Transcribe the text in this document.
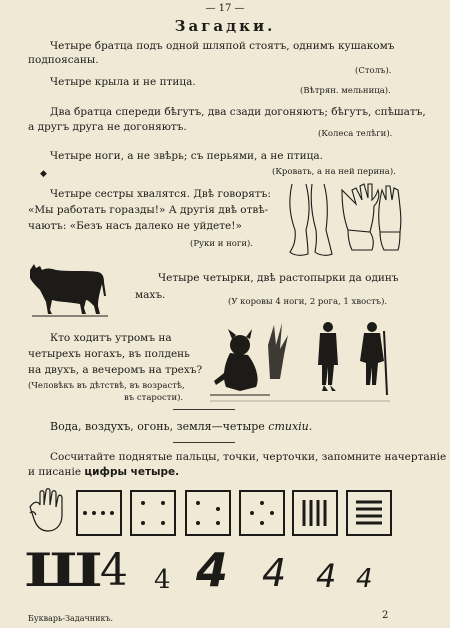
— 17 —
Загадки.
Четыре братца подъ одной шляпой стоятъ, однимъ кушакомъ
подпоясаны.
(Столъ).
Четыре крыла и не птица.
(Вѣтрян. мельница).
Два братца спереди бѣгутъ, два сзади догоняютъ; бѣгутъ, спѣшатъ,
а другъ друга не догоняютъ.
(Колеса телѣги).
Четыре ноги, а не звѣрь; съ перьями, а не птица.
(Кровать, а на ней перина).
◆
Четыре сестры хвалятся. Двѣ говорятъ:
«Мы работать горазды!» А другія двѣ отвѣ-
чаютъ: «Безъ насъ далеко не уйдете!»
(Руки и ноги).
Четыре четырки, двѣ растопырки да одинъ
махъ.
(У коровы 4 ноги, 2 рога, 1 хвостъ).
Кто ходитъ утромъ на
четырехъ ногахъ, въ полдень
на двухъ, а вечеромъ на трехъ?
(Человѣкъ въ дѣтствѣ, въ возрастѣ,
въ старости).
Вода, воздухъ, огонь, земля—четыре стихіи.
Сосчитайте поднятые пальцы, точки, черточки, запомните начертаніе
и писаніе цифры четыре.
Ш
4 4 4 4 4 4
Букварь-Задачникъ.	2
